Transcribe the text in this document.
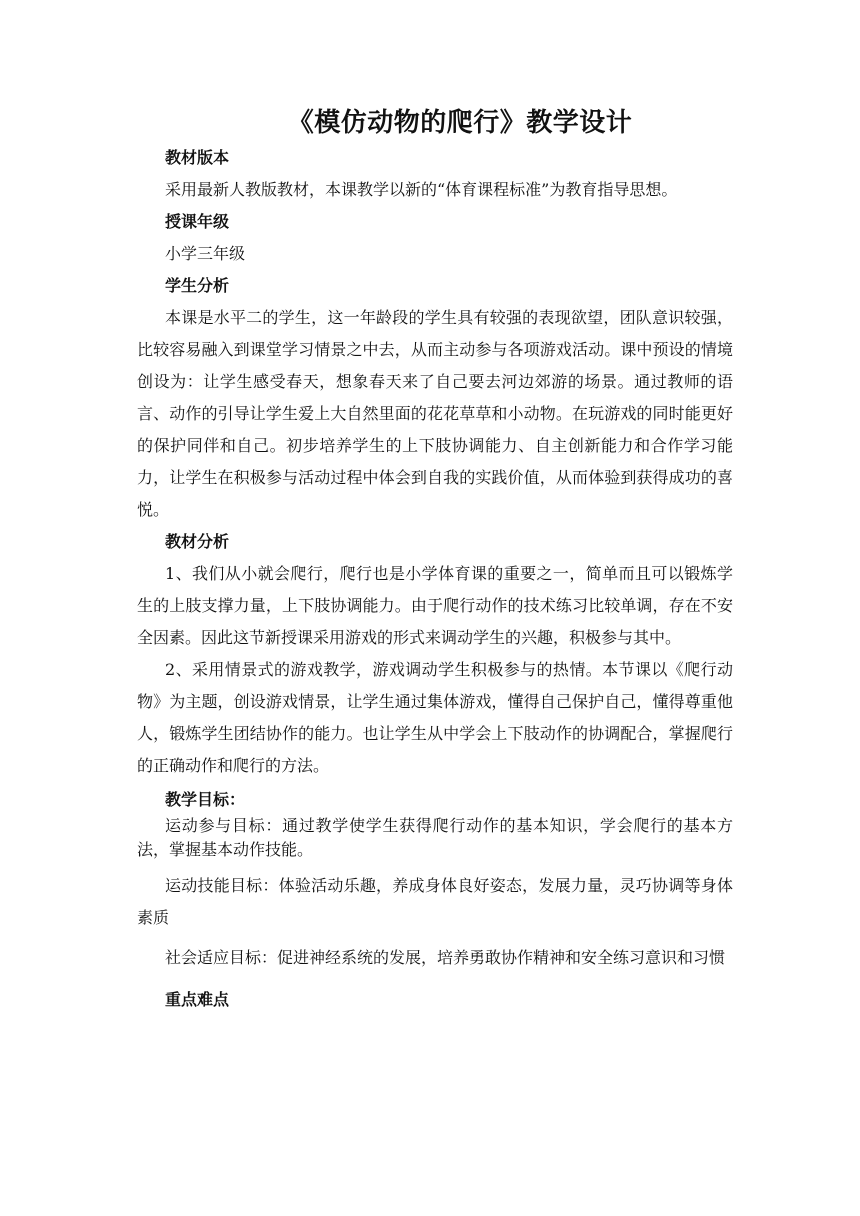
《模仿动物的爬行》教学设计
教材版本

采用最新人教版教材，本课教学以新的“体育课程标准”为教育指导思想。

授课年级

小学三年级

学生分析

本课是水平二的学生，这一年龄段的学生具有较强的表现欲望，团队意识较强，比较容易融入到课堂学习情景之中去，从而主动参与各项游戏活动。课中预设的情境创设为：让学生感受春天，想象春天来了自己要去河边郊游的场景。通过教师的语言、动作的引导让学生爱上大自然里面的花花草草和小动物。在玩游戏的同时能更好的保护同伴和自己。初步培养学生的上下肢协调能力、自主创新能力和合作学习能力，让学生在积极参与活动过程中体会到自我的实践价值，从而体验到获得成功的喜悦。

教材分析

1、我们从小就会爬行，爬行也是小学体育课的重要之一，简单而且可以锻炼学生的上肢支撑力量，上下肢协调能力。由于爬行动作的技术练习比较单调，存在不安全因素。因此这节新授课采用游戏的形式来调动学生的兴趣，积极参与其中。

2、采用情景式的游戏教学，游戏调动学生积极参与的热情。本节课以《爬行动物》为主题，创设游戏情景，让学生通过集体游戏，懂得自己保护自己，懂得尊重他人，锻炼学生团结协作的能力。也让学生从中学会上下肢动作的协调配合，掌握爬行的正确动作和爬行的方法。

教学目标：

运动参与目标：通过教学使学生获得爬行动作的基本知识，学会爬行的基本方法，掌握基本动作技能。

运动技能目标：体验活动乐趣，养成身体良好姿态，发展力量，灵巧协调等身体素质

社会适应目标：促进神经系统的发展，培养勇敢协作精神和安全练习意识和习惯

重点难点
